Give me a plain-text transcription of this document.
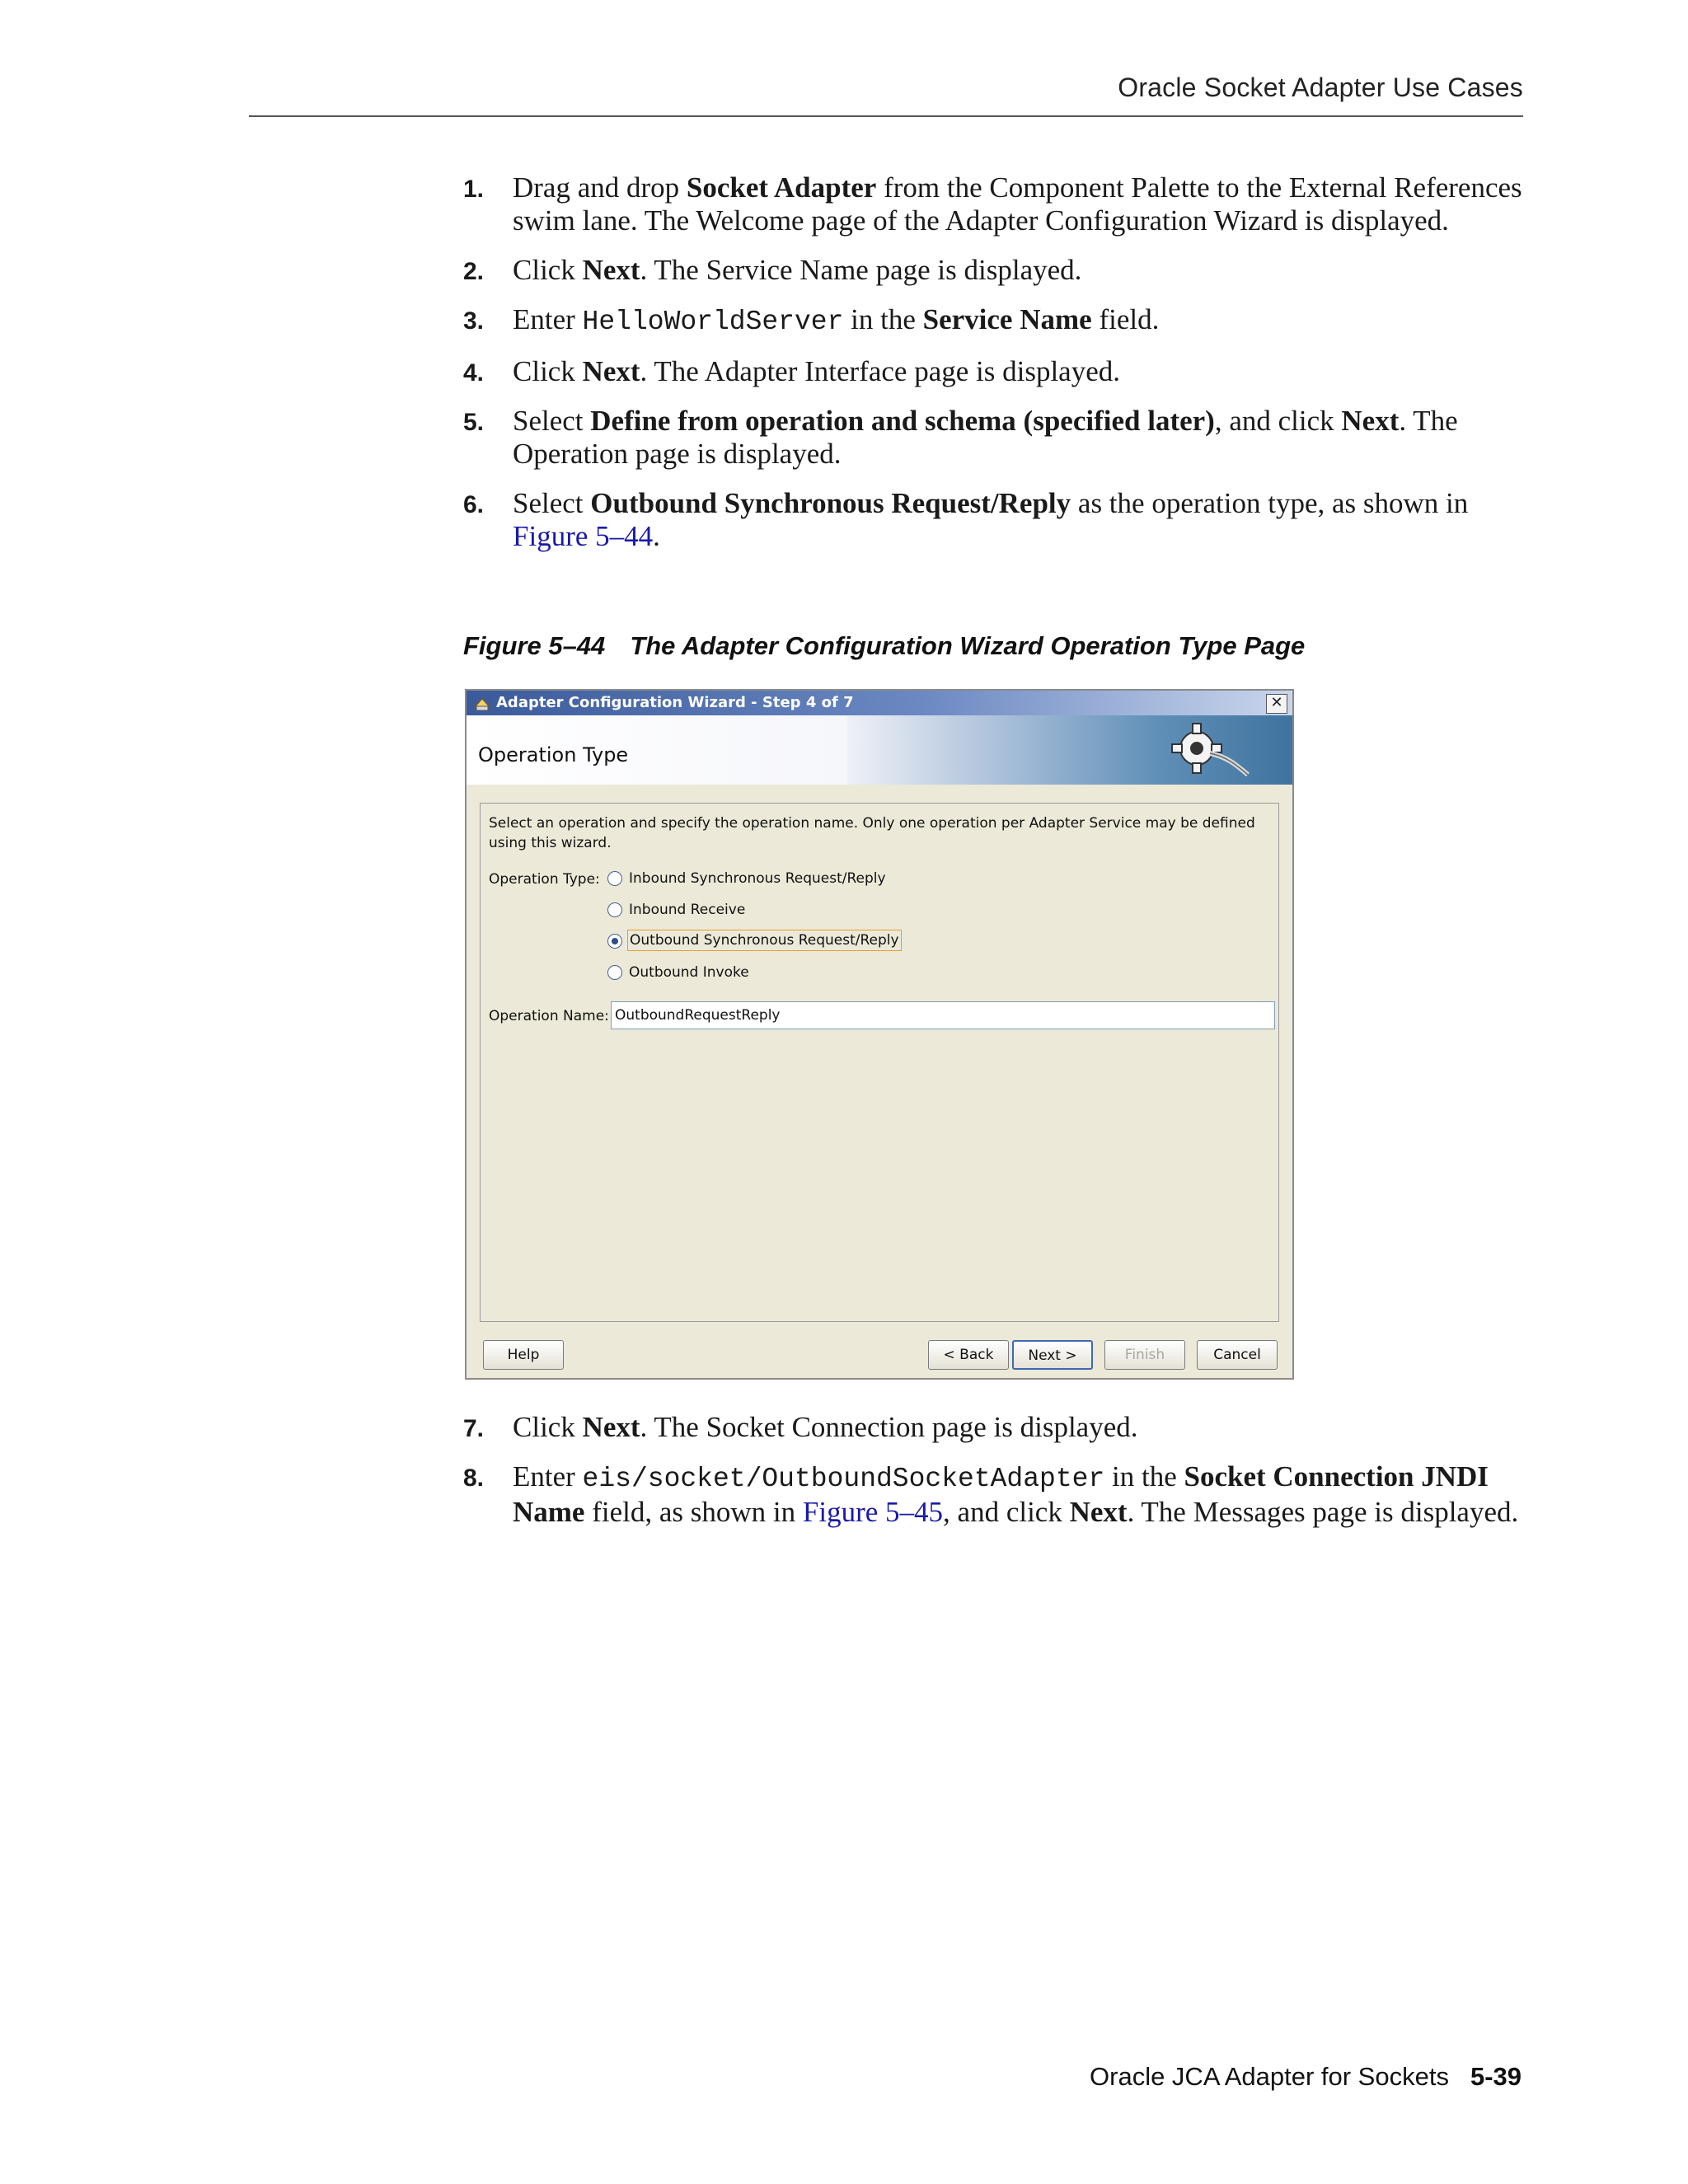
Oracle Socket Adapter Use Cases
1. Drag and drop Socket Adapter from the Component Palette to the External References swim lane. The Welcome page of the Adapter Configuration Wizard is displayed.
2. Click Next. The Service Name page is displayed.
3. Enter HelloWorldServer in the Service Name field.
4. Click Next. The Adapter Interface page is displayed.
5. Select Define from operation and schema (specified later), and click Next. The Operation page is displayed.
6. Select Outbound Synchronous Request/Reply as the operation type, as shown in Figure 5–44.
Figure 5–44 The Adapter Configuration Wizard Operation Type Page
Adapter Configuration Wizard - Step 4 of 7	✕
Operation Type
Select an operation and specify the operation name. Only one operation per Adapter Service may be defined using this wizard.
Operation Type: Inbound Synchronous Request/Reply
Inbound Receive
Outbound Synchronous Request/Reply
Outbound Invoke
Operation Name: OutboundRequestReply
Help	< Back	Next >	Finish	Cancel
7. Click Next. The Socket Connection page is displayed.
8. Enter eis/socket/OutboundSocketAdapter in the Socket Connection JNDI Name field, as shown in Figure 5–45, and click Next. The Messages page is displayed.
Oracle JCA Adapter for Sockets 5-39
